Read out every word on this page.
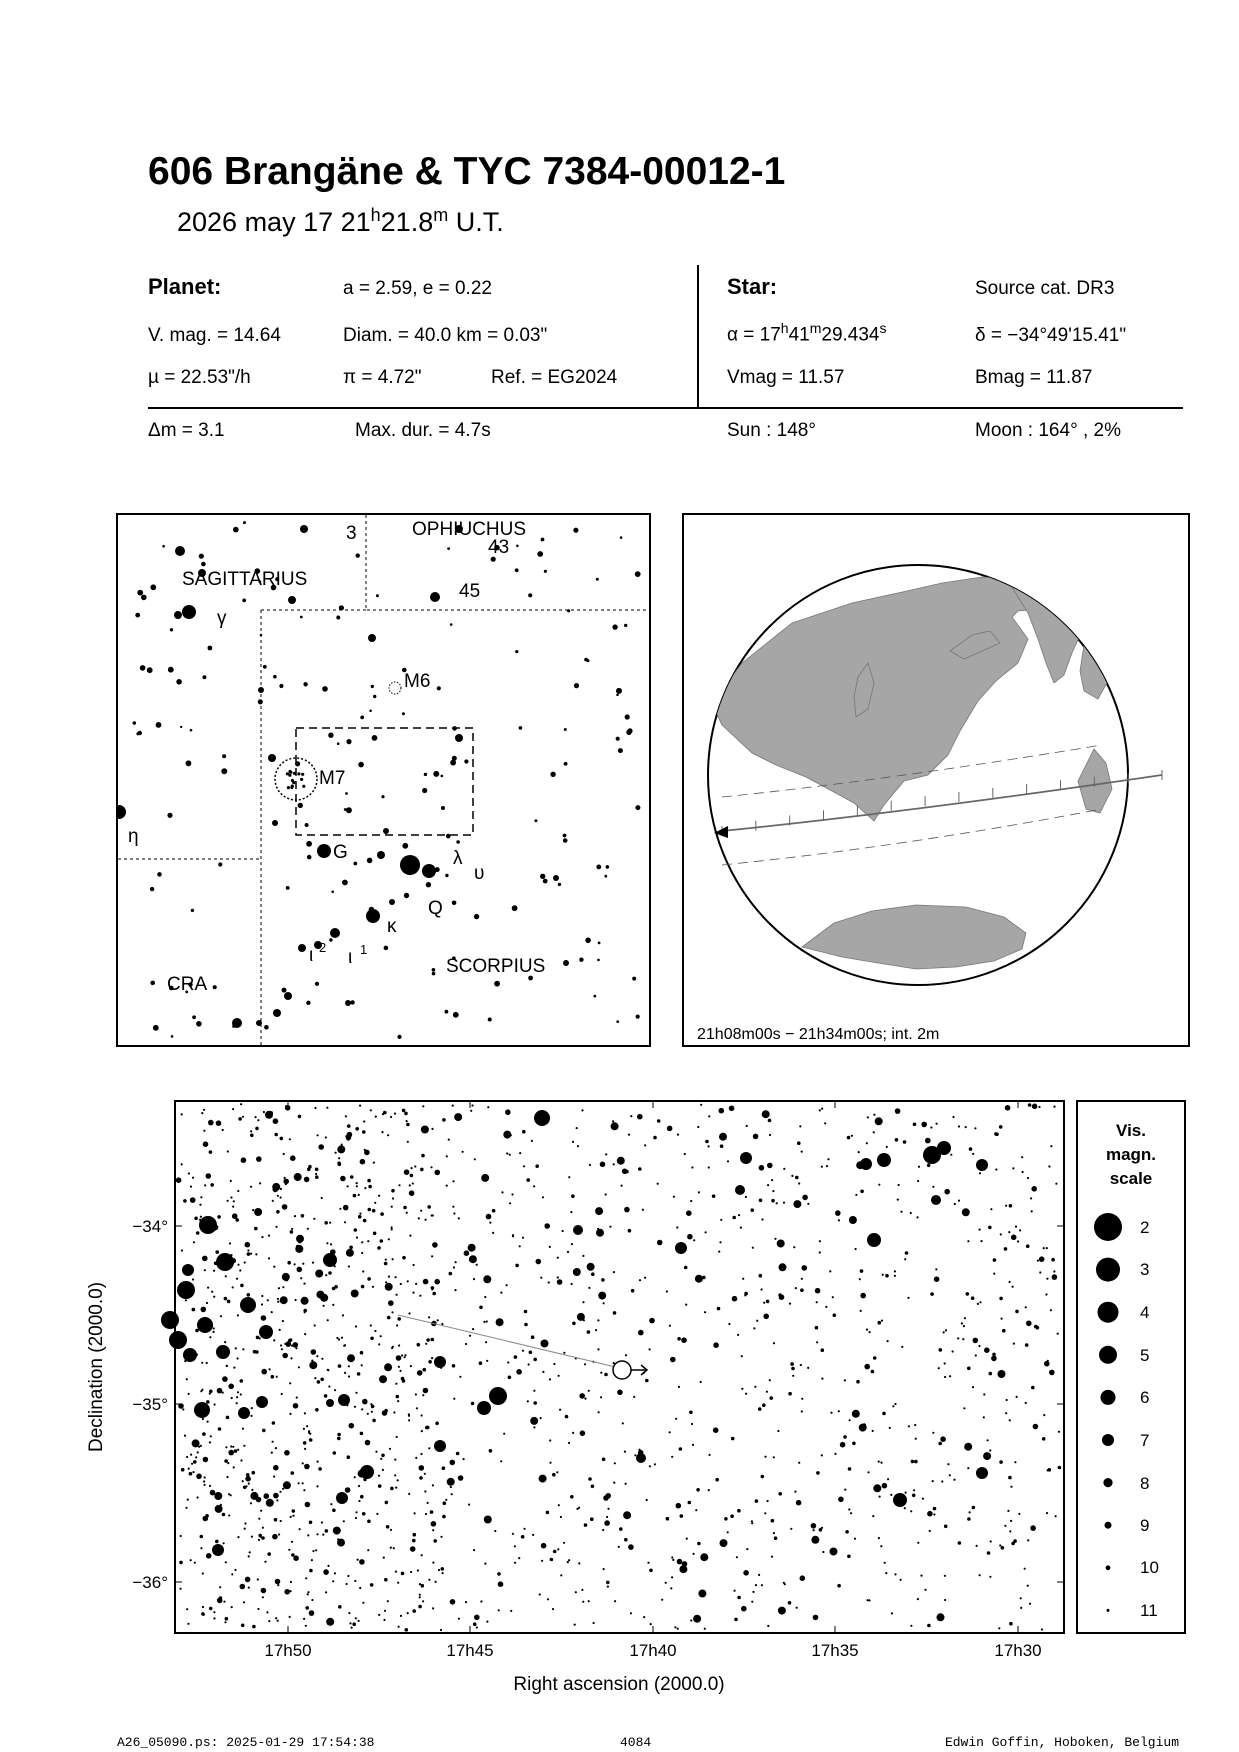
606 Brangäne & TYC 7384-00012-1
2026 may 17 21$^h$21.8$^m$ U.T.
Planet:	a = 2.59, e = 0.22
V. mag. = 14.64	Diam. = 40.0 km = 0.03"
µ = 22.53"/h	π = 4.72"	Ref. = EG2024
Star:	Source cat. DR3
$\alpha = 17^h41^m29.434^s$	δ = −34°49'15.41"
Vmag = 11.57	Bmag = 11.87
Δm = 3.1	Max. dur. = 4.7s	Sun : 148°	Moon : 164° , 2%
SAGITTARIUS
OPHIUCHUS
SCORPIUS
CRA
3
43
45
γ
η
M6
M7
G	λ
υ
Q
κ
ι 2 ι 1
21h08m00s − 21h34m00s; int. 2m
17h50	17h45	17h40	17h35	17h30
−34°
−35°
−36°
Right ascension (2000.0)
Declination (2000.0)
Vis.
magn.
scale
2
3
4
5
6
7
8
9
10
11
A26_05090.ps: 2025-01-29 17:54:38	4084	Edwin Goffin, Hoboken, Belgium
